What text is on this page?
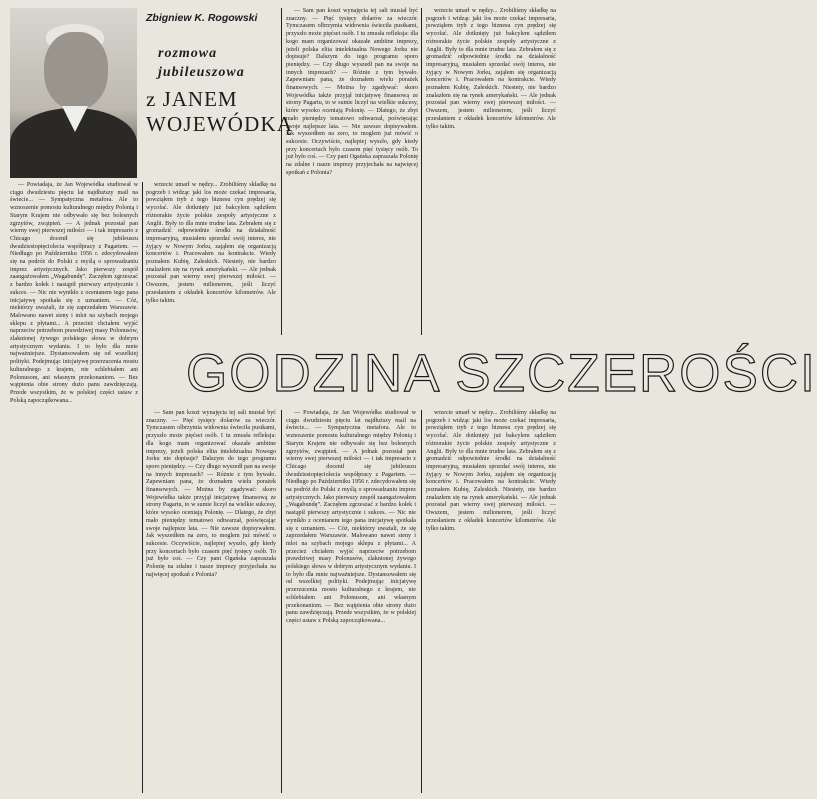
Zbigniew K. Rogowski
rozmowa
jubileuszowa
z JANEM
WOJEWÓDKĄ

— Powiadaja, że Jan Wojewódka studiował w ciągu dwudziestu pięciu lat najdłuższy mail na świecie... — Sympatyczna metafora. Ale to wznoszenie pomostu kulturalnego między Polonią i Starym Krajem nie odbywało się bez bolesnych zgrzytów, zwątpień. — A jednak pozostał pan wierny swej pierwszej miłości — i tak impresario z Chicago docenił się jubileuszu dwudziestopięciolecia współpracy z Pagartem. — Niedługo po Październiku 1956 r. zdecydowałem się na podróż do Polski z myślą o sprowadzaniu imprez artystycznych. Jako pierwszy zespół zaangażowałem „Wagabundę”. Zaczęłem zgrzeszać z bardzo kołek i nastąpił pierwszy artystycznie i sukces. — Nic nie wynikło z ocenianem tego pana inicjatywę spotkała się z uznaniem. — Cóż, niektórzy uważali, że się zaprzedałem Warszawie. Malowano nawet sieny i mlot na szybach mojego sklepu z płytami... A przecież chciałem wyjść naprzeciw potrzebom prawdziwej masy Polonusów, zlaknionej żywego polskiego słowa w dobrym artystycznym wydaniu. I to było dla mnie najważniejsze. Dystansowałem się od wszelkiej polityki. Podejmując inicjatywę przerzucenia mostu kulturalnego z krajem, nie schlebiałem ani Polonusom, ani własnym przekonaniom. — Bez wątpienia obie strony dużo panu zawdzięczają. Przede wszystkim, że w polskiej części ustaw z Polską zapoczątkowana...

wrzecie umarł w nędzy... Zrobiliśmy składkę na pogrzeb i widząc jaki los może czekać impresaria, powziąłem tryb z tego biznesu cyn prędzej się wycofać. Ale dotknięty już bakcylem sądziłem różnorakie życie polskie zespoły artystyczne z Anglii. Były to dla mnie trudne lata. Zebrałem się z gromadzić odpowiednie środki na działalność impresaryjną, musiałem sprzedać swój interes, nie żyjący w Nowym Jorku, zająłem się organizacją koncertów i. Pracowałem na kontrakcie. Wtedy poznałem Kubię, Zaleskich. Niestety, nie bardzo znalazłem się na rynek amerykański. — Ale jednak pozostał pan wierny swej pierwszej miłości. — Owszem, jestem milionerem, jeśli liczyć przesłaniem z okładek koncertów kilometrów. Ale tylko takim.

— Sam pan koszt wynajęcia tej sali musiał być znaczny. — Pięć tysięcy dolarów za wieczór. Tymczasem olbrzymia widownia świeciła pustkami, przyszło może pięćset osób. I tu zmusła refleksja: dla kogo mam organizować okazałe ambitne imprezy, jeżeli polska elita intelektualna Nowego Jorku nie dopisuje? Dalszym do tego programu sporo pieniędzy. — Czy długo wyszedł pan na swoje na innych imprezach? — Różnie z tym bywało. Zapewniam pana, że doznałem wielu porażek finansowych. — Można by zgadywać: skoro Wojewódka także przyjął inicjatywę finansową ze strony Pagartu, to w sumie liczył na wielkie sukcesy, które wysoko oceniają Polonię. — Dlatego, że zbyt mało pieniędzy tematowo odtwarzał, poświęcając swoje najlepsze lata. — Nie zawsze dopisywałem. Jak wyszedłem na zero, to moglem już mówić o sukcesie. Oczywiście, najlepiej wyszło, gdy kiedy przy koncertach było czasem pięć tysięcy osób. To już było coś. — Czy pani Ogańska zapraszała Polonię na zdalne i nasze imprezy przyjechała na najwięcej spotkań z Polonia?

wrzecie umarł w nędzy... Zrobiliśmy składkę na pogrzeb i widząc jaki los może czekać impresaria, powziąłem tryb z tego biznesu cyn prędzej się wycofać. Ale dotknięty już bakcylem sądziłem różnorakie życie polskie zespoły artystyczne z Anglii. Były to dla mnie trudne lata. Zebrałem się z gromadzić odpowiednie środki na działalność impresaryjną, musiałem sprzedać swój interes, nie żyjący w Nowym Jorku, zająłem się organizacją koncertów i. Pracowałem na kontrakcie. Wtedy poznałem Kubię, Zaleskich. Niestety, nie bardzo znalazłem się na rynek amerykański. — Ale jednak pozostał pan wierny swej pierwszej miłości. — Owszem, jestem milionerem, jeśli liczyć przesłaniem z okładek koncertów kilometrów. Ale tylko takim.

— Sam pan koszt wynajęcia tej sali musiał być znaczny. — Pięć tysięcy dolarów za wieczór. Tymczasem olbrzymia widownia świeciła pustkami, przyszło może pięćset osób. I tu zmusła refleksja: dla kogo mam organizować okazałe ambitne imprezy, jeżeli polska elita intelektualna Nowego Jorku nie dopisuje? Dalszym do tego programu sporo pieniędzy. — Czy długo wyszedł pan na swoje na innych imprezach? — Różnie z tym bywało. Zapewniam pana, że doznałem wielu porażek finansowych. — Można by zgadywać: skoro Wojewódka także przyjął inicjatywę finansową ze strony Pagartu, to w sumie liczył na wielkie sukcesy, które wysoko oceniają Polonię. — Dlatego, że zbyt mało pieniędzy tematowo odtwarzał, poświęcając swoje najlepsze lata. — Nie zawsze dopisywałem. Jak wyszedłem na zero, to moglem już mówić o sukcesie. Oczywiście, najlepiej wyszło, gdy kiedy przy koncertach było czasem pięć tysięcy osób. To już było coś. — Czy pani Ogańska zapraszała Polonię na zdalne i nasze imprezy przyjechała na najwięcej spotkań z Polonia?

— Powiadaja, że Jan Wojewódka studiował w ciągu dwudziestu pięciu lat najdłuższy mail na świecie... — Sympatyczna metafora. Ale to wznoszenie pomostu kulturalnego między Polonią i Starym Krajem nie odbywało się bez bolesnych zgrzytów, zwątpień. — A jednak pozostał pan wierny swej pierwszej miłości — i tak impresario z Chicago docenił się jubileuszu dwudziestopięciolecia współpracy z Pagartem. — Niedługo po Październiku 1956 r. zdecydowałem się na podróż do Polski z myślą o sprowadzaniu imprez artystycznych. Jako pierwszy zespół zaangażowałem „Wagabundę”. Zaczęłem zgrzeszać z bardzo kołek i nastąpił pierwszy artystycznie i sukces. — Nic nie wynikło z ocenianem tego pana inicjatywę spotkała się z uznaniem. — Cóż, niektórzy uważali, że się zaprzedałem Warszawie. Malowano nawet sieny i mlot na szybach mojego sklepu z płytami... A przecież chciałem wyjść naprzeciw potrzebom prawdziwej masy Polonusów, zlaknionej żywego polskiego słowa w dobrym artystycznym wydaniu. I to było dla mnie najważniejsze. Dystansowałem się od wszelkiej polityki. Podejmując inicjatywę przerzucenia mostu kulturalnego z krajem, nie schlebiałem ani Polonusom, ani własnym przekonaniom. — Bez wątpienia obie strony dużo panu zawdzięczają. Przede wszystkim, że w polskiej części ustaw z Polską zapoczątkowana...

wrzecie umarł w nędzy... Zrobiliśmy składkę na pogrzeb i widząc jaki los może czekać impresaria, powziąłem tryb z tego biznesu cyn prędzej się wycofać. Ale dotknięty już bakcylem sądziłem różnorakie życie polskie zespoły artystyczne z Anglii. Były to dla mnie trudne lata. Zebrałem się z gromadzić odpowiednie środki na działalność impresaryjną, musiałem sprzedać swój interes, nie żyjący w Nowym Jorku, zająłem się organizacją koncertów i. Pracowałem na kontrakcie. Wtedy poznałem Kubię, Zaleskich. Niestety, nie bardzo znalazłem się na rynek amerykański. — Ale jednak pozostał pan wierny swej pierwszej miłości. — Owszem, jestem milionerem, jeśli liczyć przesłaniem z okładek koncertów kilometrów. Ale tylko takim.

GODZINA SZCZEROŚCI
